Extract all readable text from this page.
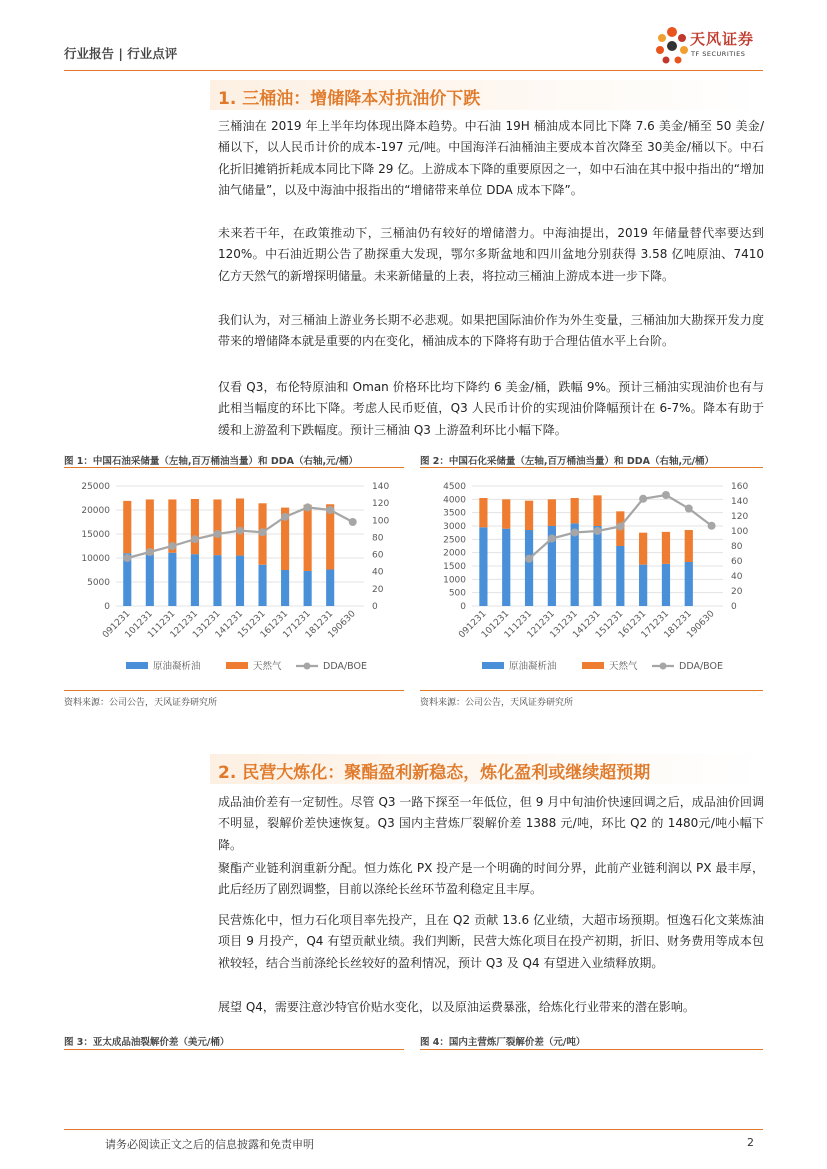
行业报告 | 行业点评
天风证券
TF SECURITIES
1. 三桶油：增储降本对抗油价下跌
三桶油在 2019 年上半年均体现出降本趋势。中石油 19H 桶油成本同比下降 7.6 美金/桶至 50 美金/桶以下，以人民币计价的成本-197 元/吨。中国海洋石油桶油主要成本首次降至 30美金/桶以下。中石化折旧摊销折耗成本同比下降 29 亿。上游成本下降的重要原因之一，如中石油在其中报中指出的“增加油气储量”，以及中海油中报指出的“增储带来单位 DDA 成本下降”。
未来若干年，在政策推动下，三桶油仍有较好的增储潜力。中海油提出，2019 年储量替代率要达到 120%。中石油近期公告了勘探重大发现，鄂尔多斯盆地和四川盆地分别获得 3.58 亿吨原油、7410 亿方天然气的新增探明储量。未来新储量的上表，将拉动三桶油上游成本进一步下降。
我们认为，对三桶油上游业务长期不必悲观。如果把国际油价作为外生变量，三桶油加大勘探开发力度带来的增储降本就是重要的内在变化，桶油成本的下降将有助于合理估值水平上台阶。
仅看 Q3，布伦特原油和 Oman 价格环比均下降约 6 美金/桶，跌幅 9%。预计三桶油实现油价也有与此相当幅度的环比下降。考虑人民币贬值，Q3 人民币计价的实现油价降幅预计在 6-7%。降本有助于缓和上游盈利下跌幅度。预计三桶油 Q3 上游盈利环比小幅下降。
图 1：中国石油采储量（左轴,百万桶油当量）和 DDA（右轴,元/桶）
25000
20000
15000
10000
5000
0
140
120
100
80
60
40
20
0
091231
101231
111231
121231
131231
141231
151231
161231
171231
181231
190630
原油凝析油	天然气	DDA/BOE
资料来源：公司公告，天风证券研究所
图 2：中国石化采储量（左轴,百万桶油当量）和 DDA（右轴,元/桶）
4500
4000
3500
3000
2500
2000
1500
1000
500
0
160
140
120
100
80
60
40
20
0
091231
101231
111231
121231
131231
141231
151231
161231
171231
181231
190630
原油凝析油	天然气	DDA/BOE
资料来源：公司公告，天风证券研究所
2. 民营大炼化：聚酯盈利新稳态，炼化盈利或继续超预期
成品油价差有一定韧性。尽管 Q3 一路下探至一年低位，但 9 月中旬油价快速回调之后，成品油价回调不明显，裂解价差快速恢复。Q3 国内主营炼厂裂解价差 1388 元/吨，环比 Q2 的 1480元/吨小幅下降。
聚酯产业链利润重新分配。恒力炼化 PX 投产是一个明确的时间分界，此前产业链利润以 PX 最丰厚，此后经历了剧烈调整，目前以涤纶长丝环节盈利稳定且丰厚。
民营炼化中，恒力石化项目率先投产，且在 Q2 贡献 13.6 亿业绩，大超市场预期。恒逸石化文莱炼油项目 9 月投产，Q4 有望贡献业绩。我们判断，民营大炼化项目在投产初期，折旧、财务费用等成本包袱较轻，结合当前涤纶长丝较好的盈利情况，预计 Q3 及 Q4 有望进入业绩释放期。
展望 Q4，需要注意沙特官价贴水变化，以及原油运费暴涨，给炼化行业带来的潜在影响。
图 3：亚太成品油裂解价差（美元/桶）	图 4：国内主营炼厂裂解价差（元/吨）
请务必阅读正文之后的信息披露和免责申明	2
